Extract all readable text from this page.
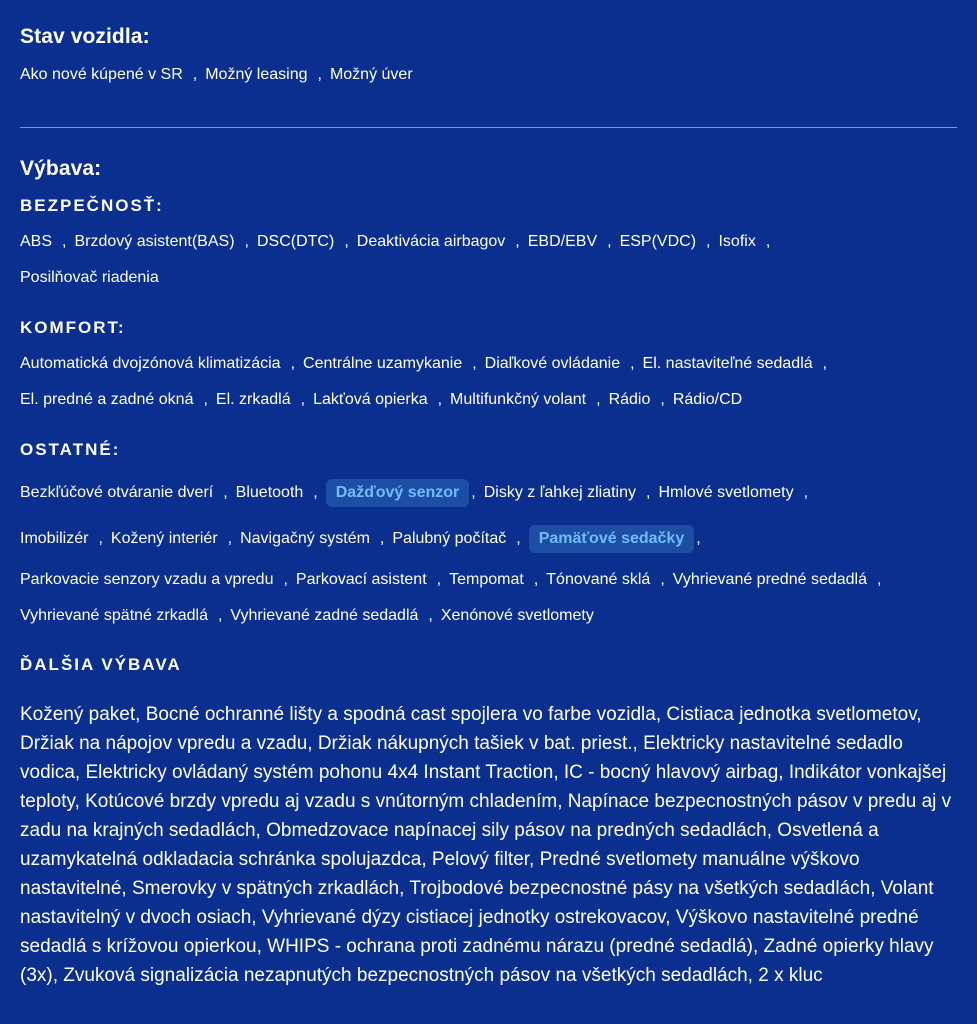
Stav vozidla:
Ako nové kúpené v SR , Možný leasing , Možný úver
Výbava:
BEZPEČNOSŤ:
ABS , Brzdový asistent(BAS) , DSC(DTC) , Deaktivácia airbagov , EBD/EBV , ESP(VDC) , Isofix ,
Posilňovač riadenia
KOMFORT:
Automatická dvojzónová klimatizácia , Centrálne uzamykanie , Diaľkové ovládanie , El. nastaviteľné sedadlá ,
El. predné a zadné okná , El. zrkadlá , Lakťová opierka , Multifunkčný volant , Rádio , Rádio/CD
OSTATNÉ:
Bezkľúčové otváranie dverí , Bluetooth ,	Dažďový senzor , Disky z ľahkej zliatiny , Hmlové svetlomety ,
Imobilizér , Kožený interiér , Navigačný systém , Palubný počítač ,	Pamäťové sedačky ,
Parkovacie senzory vzadu a vpredu , Parkovací asistent , Tempomat , Tónované sklá , Vyhrievané predné sedadlá ,
Vyhrievané spätné zrkadlá , Vyhrievané zadné sedadlá , Xenónové svetlomety
ĎALŠIA VÝBAVA

Kožený paket, Bocné ochranné lišty a spodná cast spojlera vo farbe vozidla, Cistiaca jednotka svetlometov, Držiak na nápojov vpredu a vzadu, Držiak nákupných tašiek v bat. priest., Elektricky nastavitelné sedadlo vodica, Elektricky ovládaný systém pohonu 4x4 Instant Traction, IC - bocný hlavový airbag, Indikátor vonkajšej teploty, Kotúcové brzdy vpredu aj vzadu s vnútorným chladením, Napínace bezpecnostných pásov v predu aj v zadu na krajných sedadlách, Obmedzovace napínacej sily pásov na predných sedadlách, Osvetlená a uzamykatelná odkladacia schránka spolujazdca, Pelový filter, Predné svetlomety manuálne výškovo nastavitelné, Smerovky v spätných zrkadlách, Trojbodové bezpecnostné pásy na všetkých sedadlách, Volant nastavitelný v dvoch osiach, Vyhrievané dýzy cistiacej jednotky ostrekovacov, Výškovo nastavitelné predné sedadlá s krížovou opierkou, WHIPS - ochrana proti zadnému nárazu (predné sedadlá), Zadné opierky hlavy (3x), Zvuková signalizácia nezapnutých bezpecnostných pásov na všetkých sedadlách, 2 x kluc
